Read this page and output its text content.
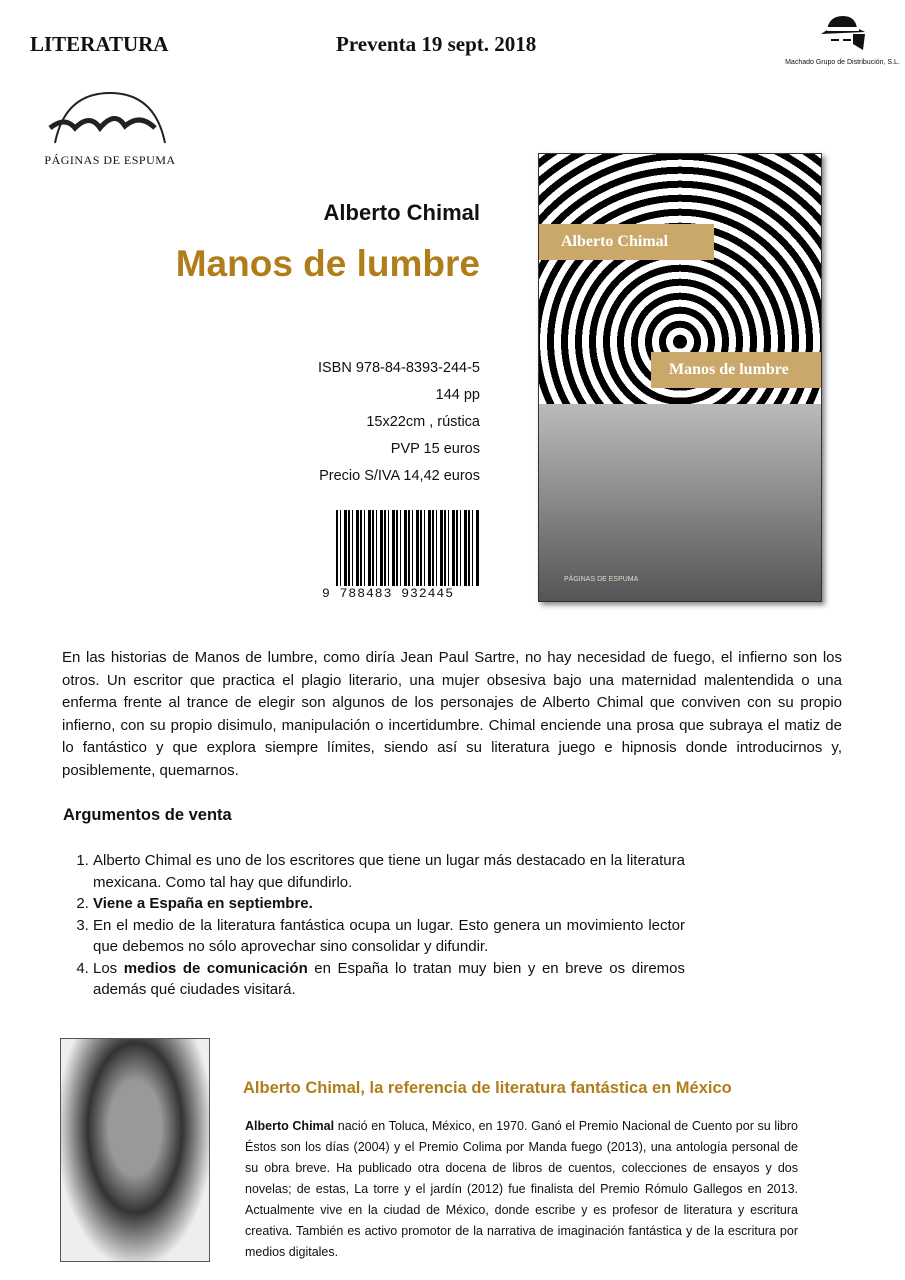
LITERATURA	Preventa 19 sept. 2018
Machado Grupo de Distribución, S.L.
PÁGINAS DE ESPUMA
Alberto Chimal
Manos de lumbre
ISBN 978-84-8393-244-5
144 pp
15x22cm , rústica
PVP 15 euros
Precio S/IVA 14,42 euros
9 788483 932445
Alberto Chimal
Manos de lumbre
PÁGINAS DE ESPUMA
En las historias de Manos de lumbre, como diría Jean Paul Sartre, no hay necesidad de fuego, el infierno son los otros. Un escritor que practica el plagio literario, una mujer obsesiva bajo una maternidad malentendida o una enferma frente al trance de elegir son algunos de los personajes de Alberto Chimal que conviven con su propio infierno, con su propio disimulo, manipulación o incertidumbre. Chimal enciende una prosa que subraya el matiz de lo fantástico y que explora siempre límites, siendo así su literatura juego e hipnosis donde introducirnos y, posiblemente, quemarnos.
Argumentos de venta
1. Alberto Chimal es uno de los escritores que tiene un lugar más destacado en la literatura mexicana. Como tal hay que difundirlo.
2. Viene a España en septiembre.
3. En el medio de la literatura fantástica ocupa un lugar. Esto genera un movimiento lector que debemos no sólo aprovechar sino consolidar y difundir.
4. Los medios de comunicación en España lo tratan muy bien y en breve os diremos además qué ciudades visitará.
Alberto Chimal, la referencia de literatura fantástica en México
Alberto Chimal nació en Toluca, México, en 1970. Ganó el Premio Nacional de Cuento por su libro Éstos son los días (2004) y el Premio Colima por Manda fuego (2013), una antología personal de su obra breve. Ha publicado otra docena de libros de cuentos, colecciones de ensayos y dos novelas; de estas, La torre y el jardín (2012) fue finalista del Premio Rómulo Gallegos en 2013. Actualmente vive en la ciudad de México, donde escribe y es profesor de literatura y escritura creativa. También es activo promotor de la narrativa de imaginación fantástica y de la escritura por medios digitales.
